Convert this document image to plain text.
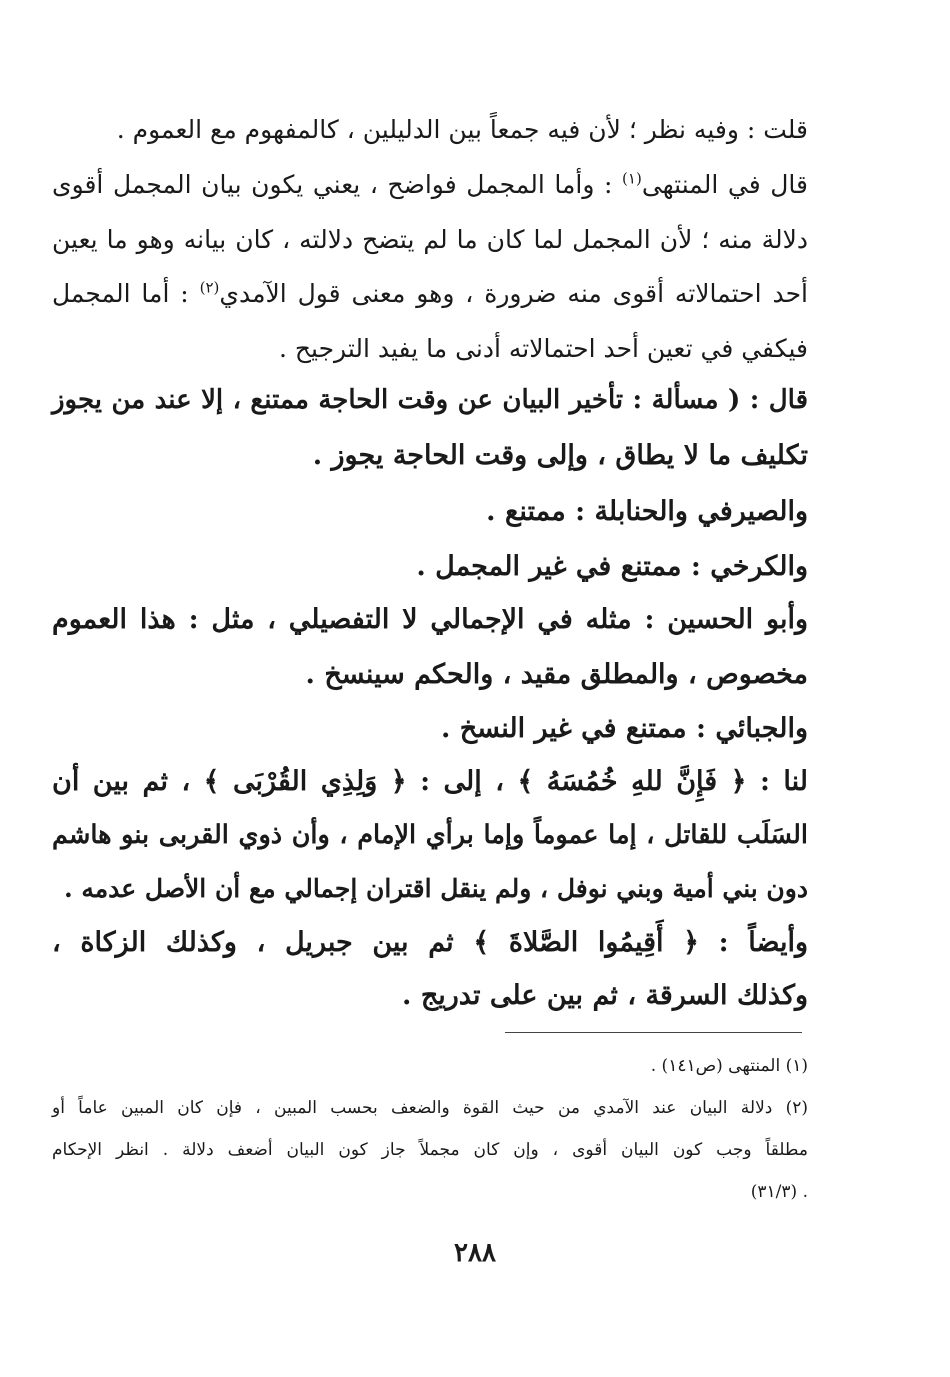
قلت : وفيه نظر ؛ لأن فيه جمعاً بين الدليلين ، كالمفهوم مع العموم .

قال في المنتهى$^{(١)}$ : وأما المجمل فواضح ، يعني يكون بيان المجمل أقوى

دلالة منه ؛ لأن المجمل لما كان ما لم يتضح دلالته ، كان بيانه وهو ما يعين

أحد احتمالاته أقوى منه ضرورة ، وهو معنى قول الآمدي$^{(٢)}$ : أما المجمل

فيكفي في تعين أحد احتمالاته أدنى ما يفيد الترجيح .

قال : ( مسألة : تأخير البيان عن وقت الحاجة ممتنع ، إلا عند من يجوز

تكليف ما لا يطاق ، وإلى وقت الحاجة يجوز .

والصيرفي والحنابلة : ممتنع .

والكرخي : ممتنع في غير المجمل .

وأبو الحسين : مثله في الإجمالي لا التفصيلي ، مثل : هذا العموم

مخصوص ، والمطلق مقيد ، والحكم سينسخ .

والجبائي : ممتنع في غير النسخ .

لنا : ﴿ فَإِنَّ للهِ خُمُسَهُ ﴾ ، إلى : ﴿ وَلِذِي القُرْبَى ﴾ ، ثم بين أن

السَلَب للقاتل ، إما عموماً وإما برأي الإمام ، وأن ذوي القربى بنو هاشم

دون بني أمية وبني نوفل ، ولم ينقل اقتران إجمالي مع أن الأصل عدمه .

وأيضاً : ﴿ أَقِيمُوا الصَّلاةَ ﴾ ثم بين جبريل ، وكذلك الزكاة ،

وكذلك السرقة ، ثم بين على تدريج .

(١) المنتهى (ص١٤١) .

(٢) دلالة البيان عند الآمدي من حيث القوة والضعف بحسب المبين ، فإن كان المبين عاماً أو

مطلقاً وجب كون البيان أقوى ، وإن كان مجملاً جاز كون البيان أضعف دلالة . انظر الإحكام

. (٣١/٣)

٢٨٨
